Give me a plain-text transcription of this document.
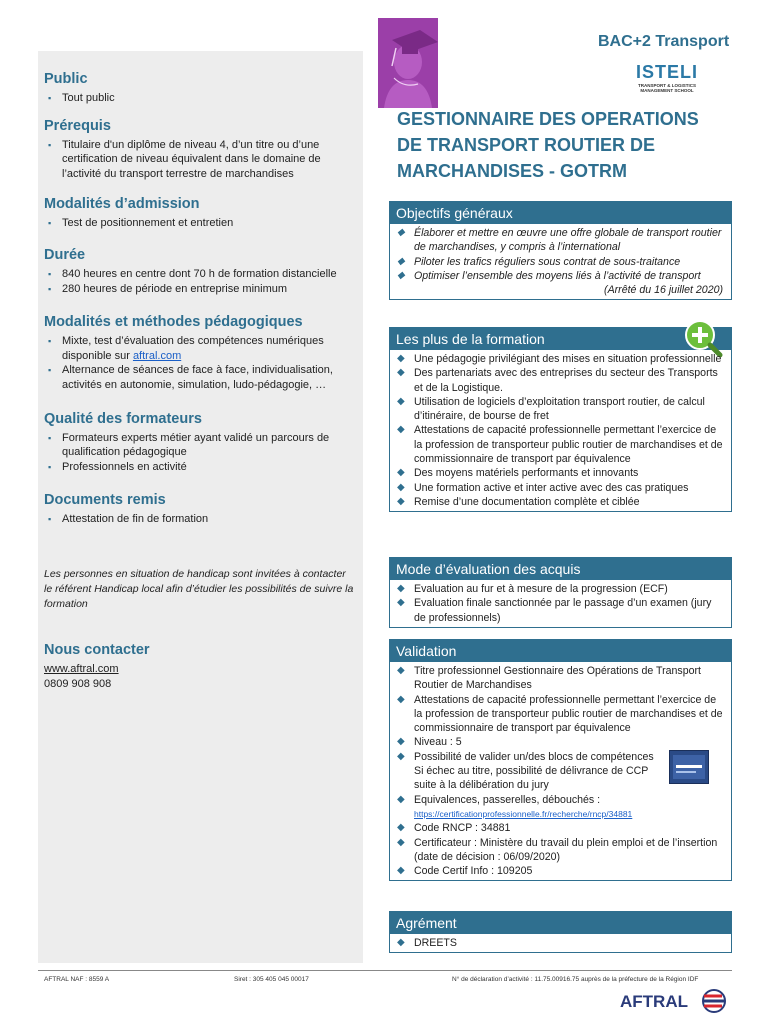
Public
▪ Tout public
Prérequis
▪ Titulaire d'un diplôme de niveau 4, d’un titre ou d’une certification de niveau équivalent dans le domaine de l’activité du transport terrestre de marchandises
Modalités d’admission
▪ Test de positionnement et entretien
Durée
▪ 840 heures en centre dont 70 h de formation distancielle
▪ 280 heures de période en entreprise minimum
Modalités et méthodes pédagogiques
▪ Mixte, test d’évaluation des compétences numériques disponible sur aftral.com
▪ Alternance de séances de face à face, individualisation, activités en autonomie, simulation, ludo-pédagogie, …
Qualité des formateurs
▪ Formateurs experts métier ayant validé un parcours de qualification pédagogique
▪ Professionnels en activité
Documents remis
▪ Attestation de fin de formation
Les personnes en situation de handicap sont invitées à contacter le référent Handicap local afin d’étudier les possibilités de suivre la formation
Nous contacter
www.aftral.com
0809 908 908
BAC+2 Transport
ISTELI
TRANSPORT & LOGISTICS
MANAGEMENT SCHOOL
GESTIONNAIRE DES OPERATIONS
DE TRANSPORT ROUTIER DE
MARCHANDISES - GOTRM
Objectifs généraux
◆ Élaborer et mettre en œuvre une offre globale de transport routier de marchandises, y compris à l’international
◆ Piloter les trafics réguliers sous contrat de sous-traitance
◆ Optimiser l’ensemble des moyens liés à l’activité de transport
(Arrêté du 16 juillet 2020)
Les plus de la formation
◆ Une pédagogie privilégiant des mises en situation professionnelle
◆ Des partenariats avec des entreprises du secteur des Transports et de la Logistique.
◆ Utilisation de logiciels d’exploitation transport routier, de calcul d’itinéraire, de bourse de fret
◆ Attestations de capacité professionnelle permettant l’exercice de la profession de transporteur public routier de marchandises et de commissionnaire de transport par équivalence
◆ Des moyens matériels performants et innovants
◆ Une formation active et inter active avec des cas pratiques
◆ Remise d’une documentation complète et ciblée
Mode d’évaluation des acquis
◆ Evaluation au fur et à mesure de la progression (ECF)
◆ Evaluation finale sanctionnée par le passage d’un examen (jury de professionnels)
Validation
◆ Titre professionnel Gestionnaire des Opérations de Transport Routier de Marchandises
◆ Attestations de capacité professionnelle permettant l’exercice de la profession de transporteur public routier de marchandises et de commissionnaire de transport par équivalence
◆ Niveau : 5
◆ Possibilité de valider un/des blocs de compétences Si échec au titre, possibilité de délivrance de CCP suite à la délibération du jury
◆ Equivalences, passerelles, débouchés :
https://certificationprofessionnelle.fr/recherche/rncp/34881
◆ Code RNCP : 34881
◆ Certificateur : Ministère du travail du plein emploi et de l’insertion (date de décision : 06/09/2020)
◆ Code Certif Info : 109205
Agrément
◆ DREETS
AFTRAL NAF : 8559 A	Siret : 305 405 045 00017	N° de déclaration d’activité : 11.75.00916.75 auprès de la préfecture de la Région IDF
AFTRAL
